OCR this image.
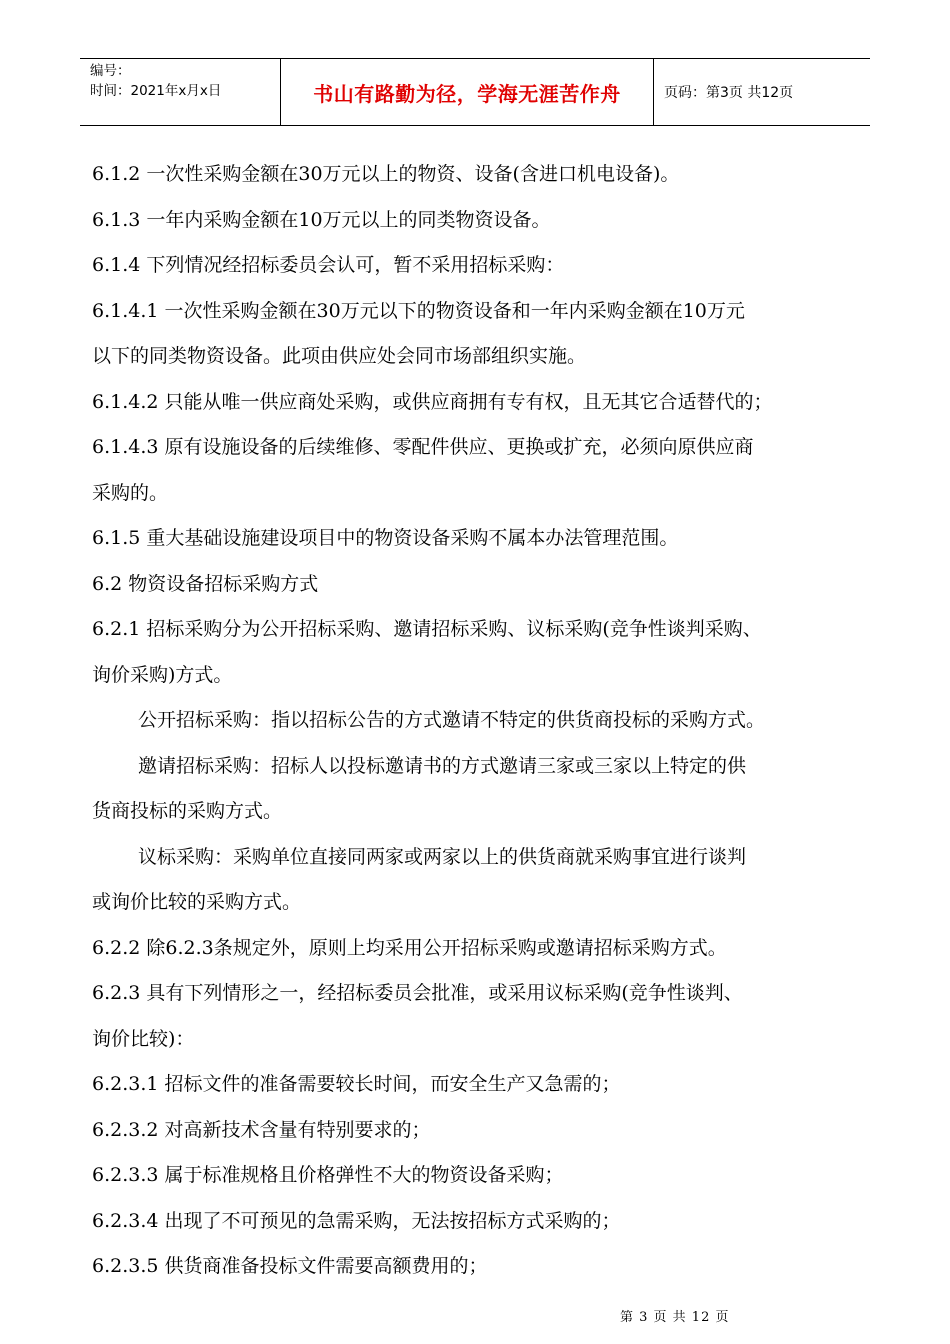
编号：
时间：2021年x月x日	书山有路勤为径，学海无涯苦作舟	页码：第3页 共12页

6.1.2 一次性采购金额在30万元以上的物资、设备(含进口机电设备)。

6.1.3 一年内采购金额在10万元以上的同类物资设备。

6.1.4 下列情况经招标委员会认可，暂不采用招标采购：

6.1.4.1 一次性采购金额在30万元以下的物资设备和一年内采购金额在10万元

以下的同类物资设备。此项由供应处会同市场部组织实施。

6.1.4.2 只能从唯一供应商处采购，或供应商拥有专有权，且无其它合适替代的；

6.1.4.3 原有设施设备的后续维修、零配件供应、更换或扩充，必须向原供应商

采购的。

6.1.5 重大基础设施建设项目中的物资设备采购不属本办法管理范围。

6.2 物资设备招标采购方式

6.2.1 招标采购分为公开招标采购、邀请招标采购、议标采购(竞争性谈判采购、

询价采购)方式。

公开招标采购：指以招标公告的方式邀请不特定的供货商投标的采购方式。

邀请招标采购：招标人以投标邀请书的方式邀请三家或三家以上特定的供

货商投标的采购方式。

议标采购：采购单位直接同两家或两家以上的供货商就采购事宜进行谈判

或询价比较的采购方式。

6.2.2 除6.2.3条规定外，原则上均采用公开招标采购或邀请招标采购方式。

6.2.3 具有下列情形之一，经招标委员会批准，或采用议标采购(竞争性谈判、

询价比较)：

6.2.3.1 招标文件的准备需要较长时间，而安全生产又急需的；

6.2.3.2 对高新技术含量有特别要求的；

6.2.3.3 属于标准规格且价格弹性不大的物资设备采购；

6.2.3.4 出现了不可预见的急需采购，无法按招标方式采购的；

6.2.3.5 供货商准备投标文件需要高额费用的；

第 3 页 共 12 页
